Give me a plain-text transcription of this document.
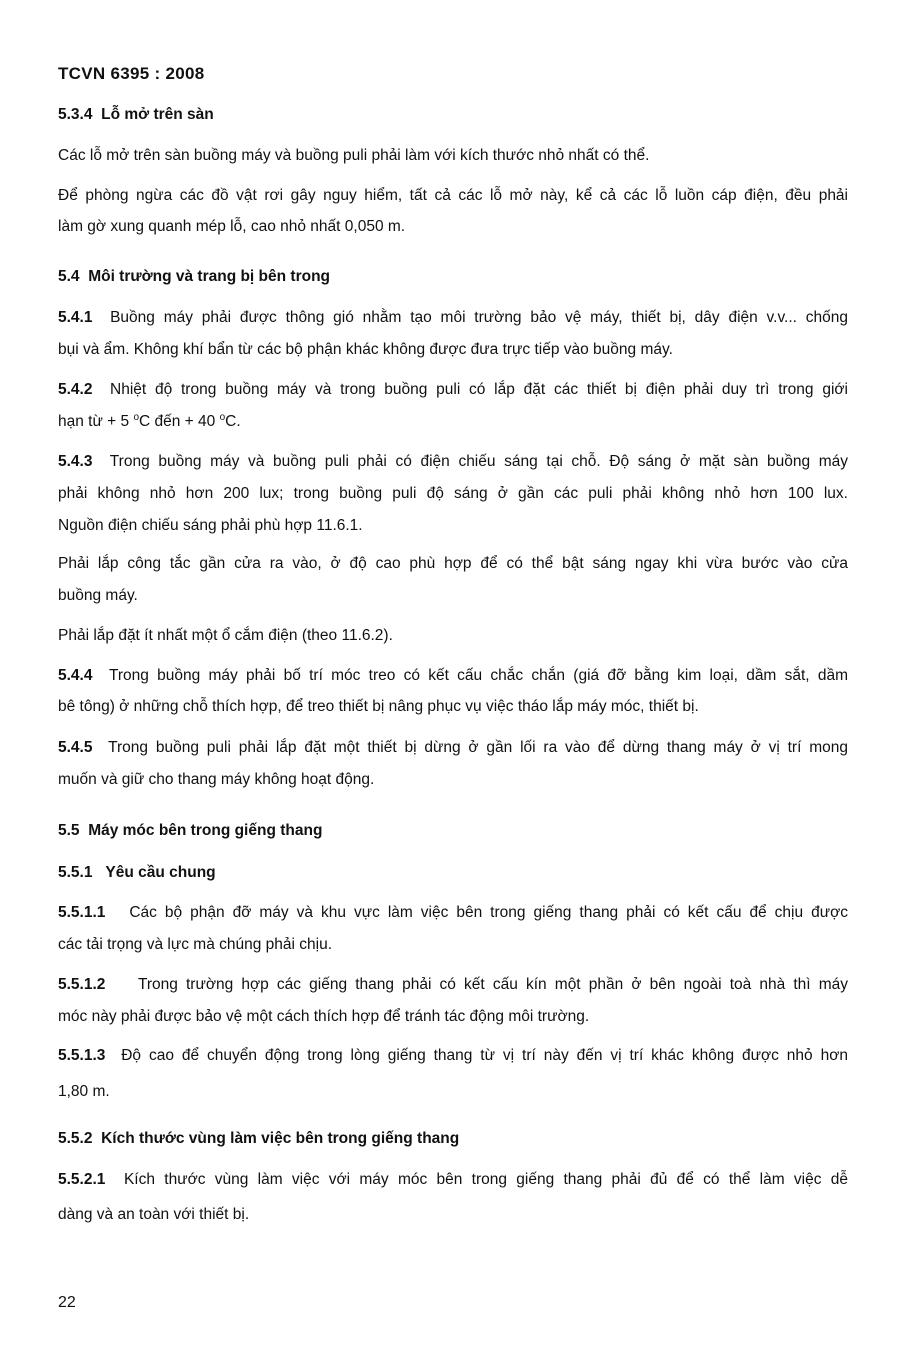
TCVN 6395 : 2008
5.3.4 Lỗ mở trên sàn
Các lỗ mở trên sàn buồng máy và buồng puli phải làm với kích thước nhỏ nhất có thể.
Để phòng ngừa các đồ vật rơi gây nguy hiểm, tất cả các lỗ mở này, kể cả các lỗ luồn cáp điện, đều phải
làm gờ xung quanh mép lỗ, cao nhỏ nhất 0,050 m.
5.4 Môi trường và trang bị bên trong
5.4.1 Buồng máy phải được thông gió nhằm tạo môi trường bảo vệ máy, thiết bị, dây điện v.v... chống
bụi và ẩm. Không khí bẩn từ các bộ phận khác không được đưa trực tiếp vào buồng máy.
5.4.2 Nhiệt độ trong buồng máy và trong buồng puli có lắp đặt các thiết bị điện phải duy trì trong giới
hạn từ + 5 $^o$C đến + 40 $^o$C.
5.4.3 Trong buồng máy và buồng puli phải có điện chiếu sáng tại chỗ. Độ sáng ở mặt sàn buồng máy
phải không nhỏ hơn 200 lux; trong buồng puli độ sáng ở gần các puli phải không nhỏ hơn 100 lux.
Nguồn điện chiếu sáng phải phù hợp 11.6.1.
Phải lắp công tắc gần cửa ra vào, ở độ cao phù hợp để có thể bật sáng ngay khi vừa bước vào cửa
buồng máy.
Phải lắp đặt ít nhất một ổ cắm điện (theo 11.6.2).
5.4.4 Trong buồng máy phải bố trí móc treo có kết cấu chắc chắn (giá đỡ bằng kim loại, dầm sắt, dầm
bê tông) ở những chỗ thích hợp, để treo thiết bị nâng phục vụ việc tháo lắp máy móc, thiết bị.
5.4.5 Trong buồng puli phải lắp đặt một thiết bị dừng ở gần lối ra vào để dừng thang máy ở vị trí mong
muốn và giữ cho thang máy không hoạt động.
5.5 Máy móc bên trong giếng thang
5.5.1 Yêu cầu chung
5.5.1.1 Các bộ phận đỡ máy và khu vực làm việc bên trong giếng thang phải có kết cấu để chịu được
các tải trọng và lực mà chúng phải chịu.
5.5.1.2 Trong trường hợp các giếng thang phải có kết cấu kín một phần ở bên ngoài toà nhà thì máy
móc này phải được bảo vệ một cách thích hợp để tránh tác động môi trường.
5.5.1.3 Độ cao để chuyển động trong lòng giếng thang từ vị trí này đến vị trí khác không được nhỏ hơn
1,80 m.
5.5.2 Kích thước vùng làm việc bên trong giếng thang
5.5.2.1 Kích thước vùng làm việc với máy móc bên trong giếng thang phải đủ để có thể làm việc dễ
dàng và an toàn với thiết bị.
22
